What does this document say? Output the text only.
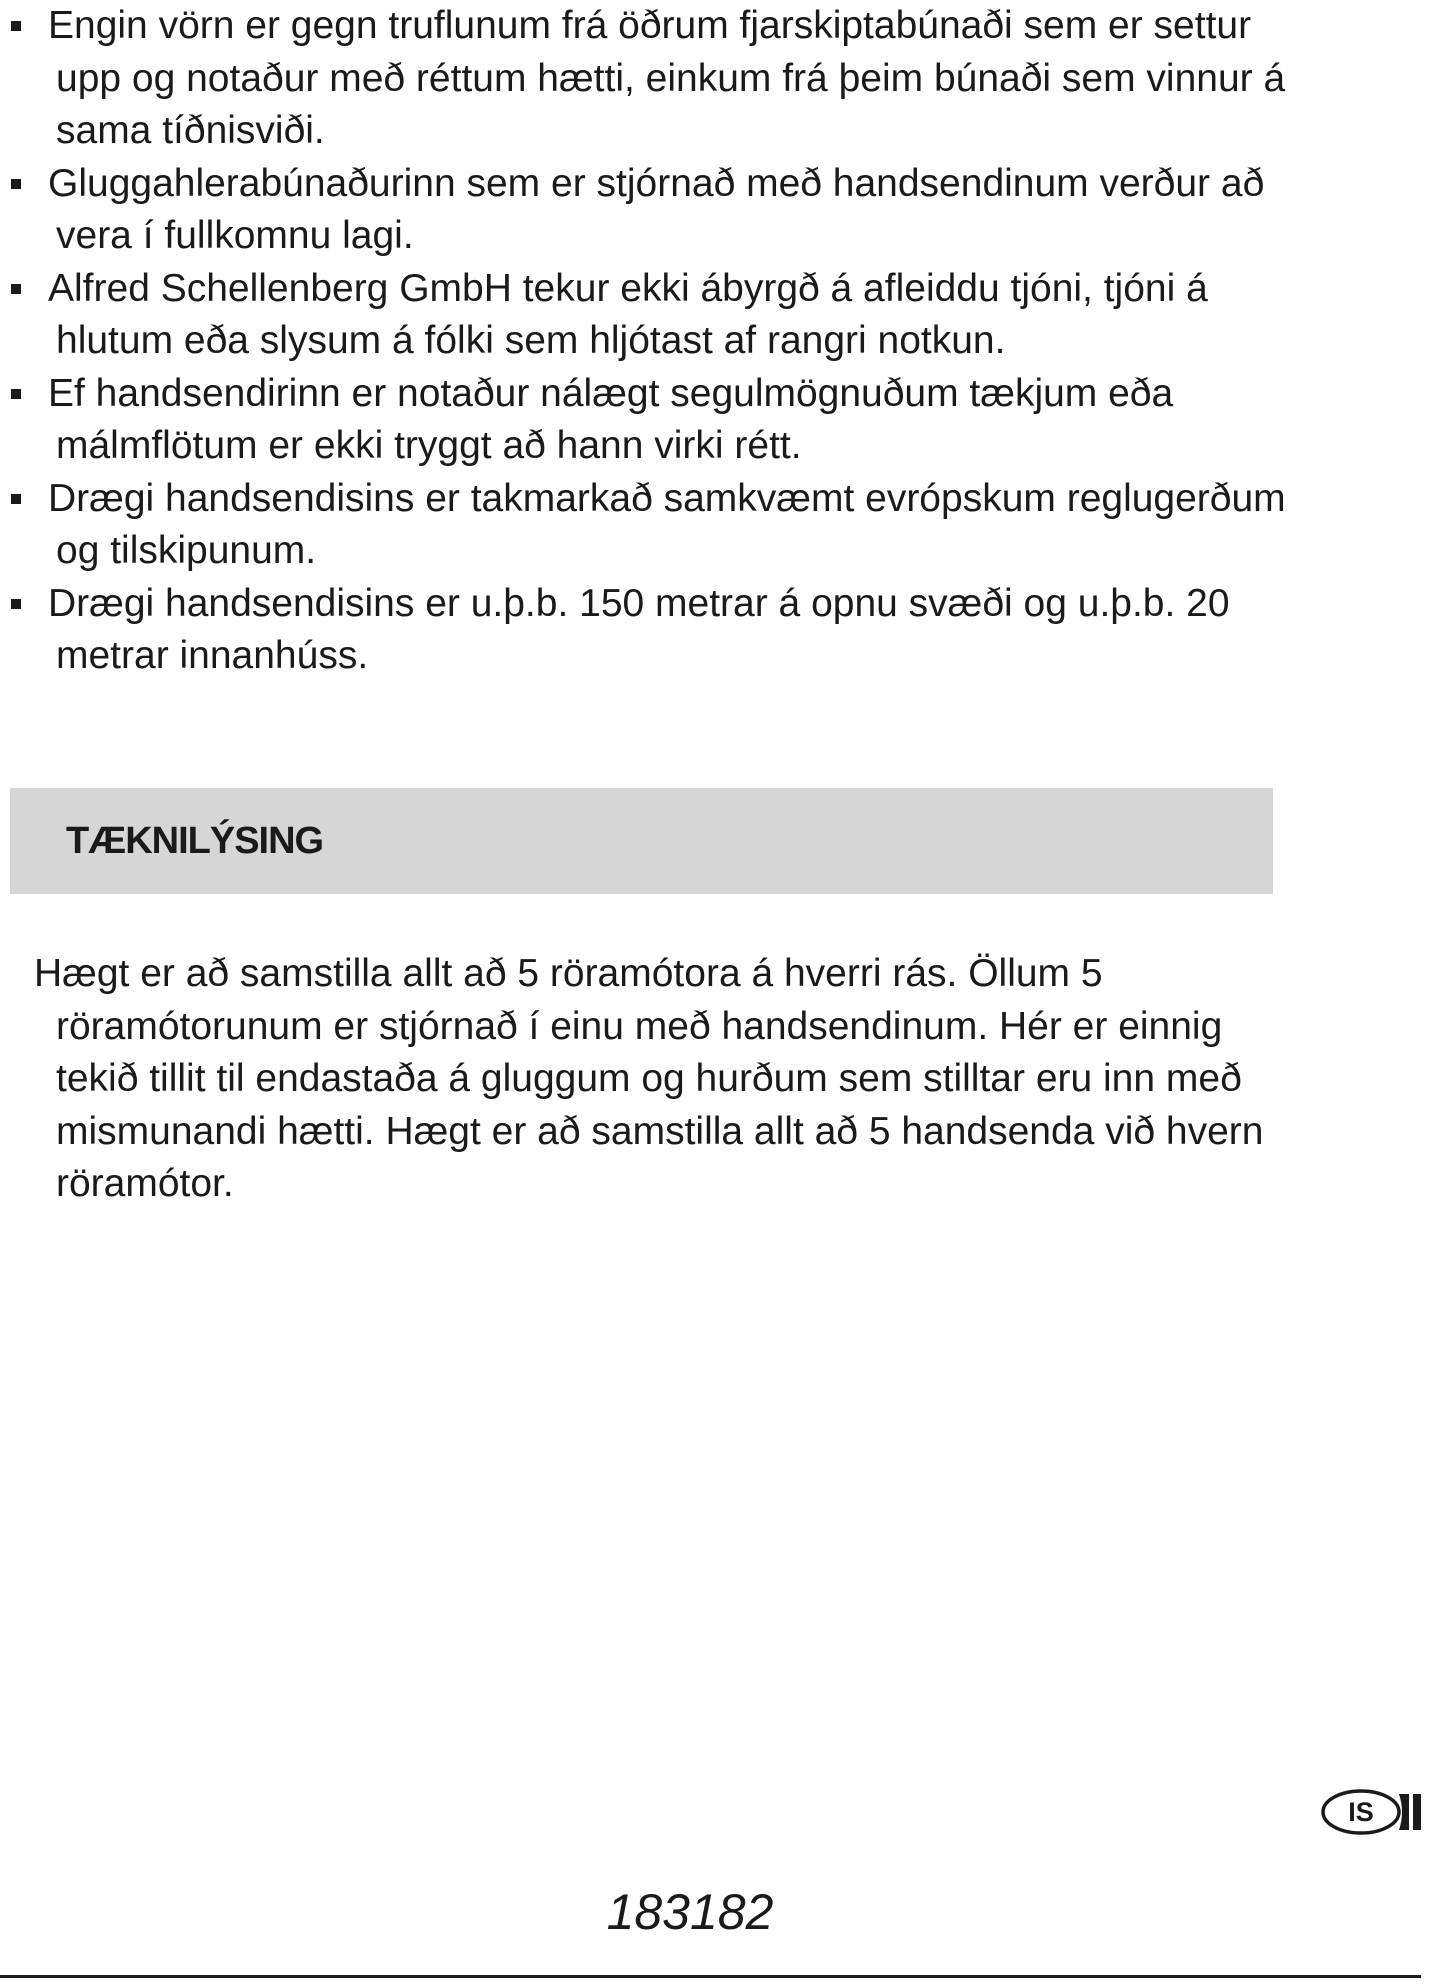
Engin vörn er gegn truflunum frá öðrum fjarskiptabúnaði sem er settur upp og notaður með réttum hætti, einkum frá þeim búnaði sem vinnur á sama tíðnisviði.
Gluggahlerabúnaðurinn sem er stjórnað með handsendinum verður að vera í fullkomnu lagi.
Alfred Schellenberg GmbH tekur ekki ábyrgð á afleiddu tjóni, tjóni á hlutum eða slysum á fólki sem hljótast af rangri notkun.
Ef handsendirinn er notaður nálægt segulmögnuðum tækjum eða málmflötum er ekki tryggt að hann virki rétt.
Drægi handsendisins er takmarkað samkvæmt evrópskum reglugerðum og tilskipunum.
Drægi handsendisins er u.þ.b. 150 metrar á opnu svæði og u.þ.b. 20 metrar innanhúss.
TÆKNILÝSING

Hægt er að samstilla allt að 5 röramótora á hverri rás. Öllum 5 röramótorunum er stjórnað í einu með handsendinum. Hér er einnig tekið tillit til endastaða á gluggum og hurðum sem stilltar eru inn með mismunandi hætti. Hægt er að samstilla allt að 5 handsenda við hvern röramótor.

IS

183182
